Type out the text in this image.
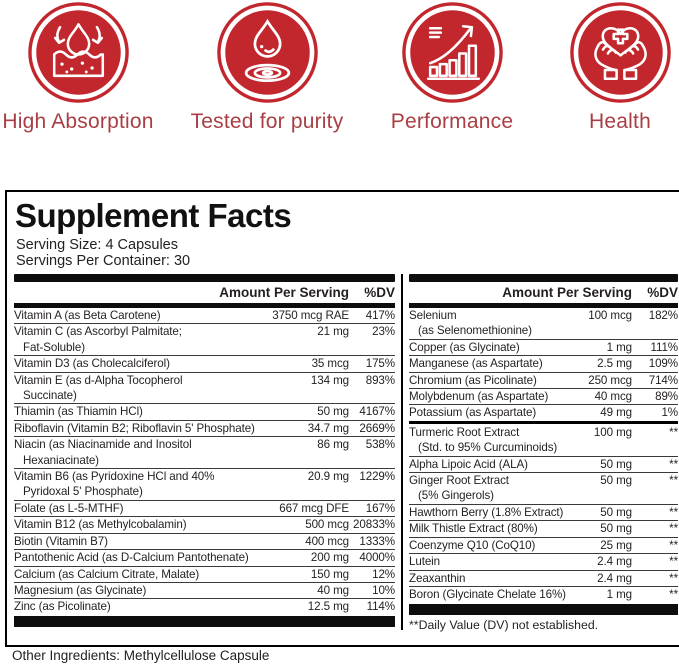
High Absorption	Tested for purity	Performance	Health
Supplement Facts
Serving Size: 4 Capsules
Servings Per Container: 30
Amount Per Serving	%DV
Vitamin A (as Beta Carotene)	3750 mcg RAE	417%
Vitamin C (as Ascorbyl Palmitate;	21 mg	23%
Fat-Soluble)
Vitamin D3 (as Cholecalciferol)	35 mcg	175%
Vitamin E (as d-Alpha Tocopherol	134 mg	893%
Succinate)
Thiamin (as Thiamin HCl)	50 mg 4167%
Riboflavin (Vitamin B2; Riboflavin 5' Phosphate)	34.7 mg 2669%
Niacin (as Niacinamide and Inositol	86 mg	538%
Hexaniacinate)
Vitamin B6 (as Pyridoxine HCl and 40%	20.9 mg 1229%
Pyridoxal 5' Phosphate)
Folate (as L-5-MTHF)	667 mcg DFE	167%
Vitamin B12 (as Methylcobalamin)	500 mcg 20833%
Biotin (Vitamin B7)	400 mcg 1333%
Pantothenic Acid (as D-Calcium Pantothenate)	200 mg 4000%
Calcium (as Calcium Citrate, Malate)	150 mg	12%
Magnesium (as Glycinate)	40 mg	10%
Zinc (as Picolinate)	12.5 mg	114%
Amount Per Serving	%DV
Selenium	100 mcg	182%
(as Selenomethionine)
Copper (as Glycinate)	1 mg	111%
Manganese (as Aspartate)	2.5 mg	109%
Chromium (as Picolinate)	250 mcg	714%
Molybdenum (as Aspartate)	40 mcg	89%
Potassium (as Aspartate)	49 mg	1%
Turmeric Root Extract	100 mg	**
(Std. to 95% Curcuminoids)
Alpha Lipoic Acid (ALA)	50 mg	**
Ginger Root Extract	50 mg	**
(5% Gingerols)
Hawthorn Berry (1.8% Extract)	50 mg	**
Milk Thistle Extract (80%)	50 mg	**
Coenzyme Q10 (CoQ10)	25 mg	**
Lutein	2.4 mg	**
Zeaxanthin	2.4 mg	**
Boron (Glycinate Chelate 16%)	1 mg	**
**Daily Value (DV) not established.
Other Ingredients: Methylcellulose Capsule
